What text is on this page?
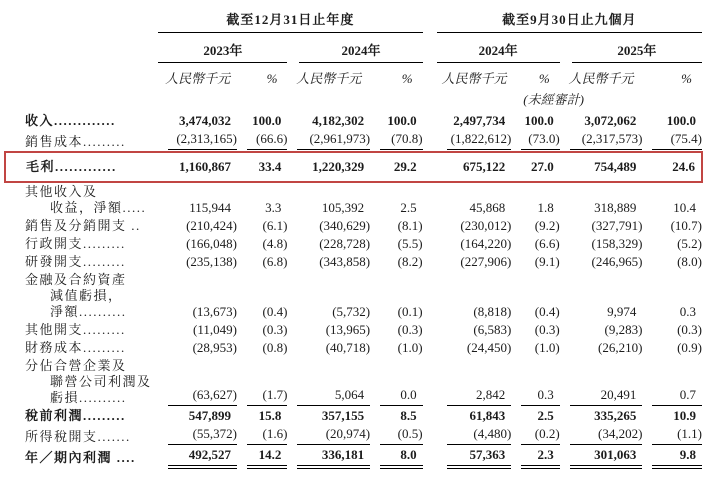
截至12月31日止年度		截至9月30日止九個月

2023年	2024年		2024年	2025年

	人民幣千元	%	人民幣千元	%		人民幣千元	%	人民幣千元	%
	(未經審計)	

收入.............	3,474,032	100.0	4,182,302	100.0		2,497,734	100.0	3,072,062	100.0

銷售成本.........	(2,313,165)	(66.6)	(2,961,973)	(70.8)		(1,822,612)	(73.0)	(2,317,573)	(75.4)

毛利.............	1,160,867	33.4	1,220,329	29.2		675,122	27.0	754,489	24.6

其他收入及
收益，淨額.....	115,944	3.3	105,392	2.5		45,868	1.8	318,889	10.4

銷售及分銷開支 ..	(210,424)	(6.1)	(340,629)	(8.1)		(230,012)	(9.2)	(327,791)	(10.7)

行政開支.........	(166,048)	(4.8)	(228,728)	(5.5)		(164,220)	(6.6)	(158,329)	(5.2)

研發開支.........	(235,138)	(6.8)	(343,858)	(8.2)		(227,906)	(9.1)	(246,965)	(8.0)

金融及合約資產
減值虧損，
淨額..........	(13,673)	(0.4)	(5,732)	(0.1)		(8,818)	(0.4)	9,974	0.3

其他開支.........	(11,049)	(0.3)	(13,965)	(0.3)		(6,583)	(0.3)	(9,283)	(0.3)

財務成本.........	(28,953)	(0.8)	(40,718)	(1.0)		(24,450)	(1.0)	(26,210)	(0.9)

分佔合營企業及
聯營公司利潤及
虧損..........	(63,627)	(1.7)	5,064	0.0		2,842	0.3	20,491	0.7

稅前利潤.........	547,899	15.8	357,155	8.5		61,843	2.5	335,265	10.9

所得稅開支.......	(55,372)	(1.6)	(20,974)	(0.5)		(4,480)	(0.2)	(34,202)	(1.1)

年／期內利潤 ....	492,527	14.2	336,181	8.0		57,363	2.3	301,063	9.8
